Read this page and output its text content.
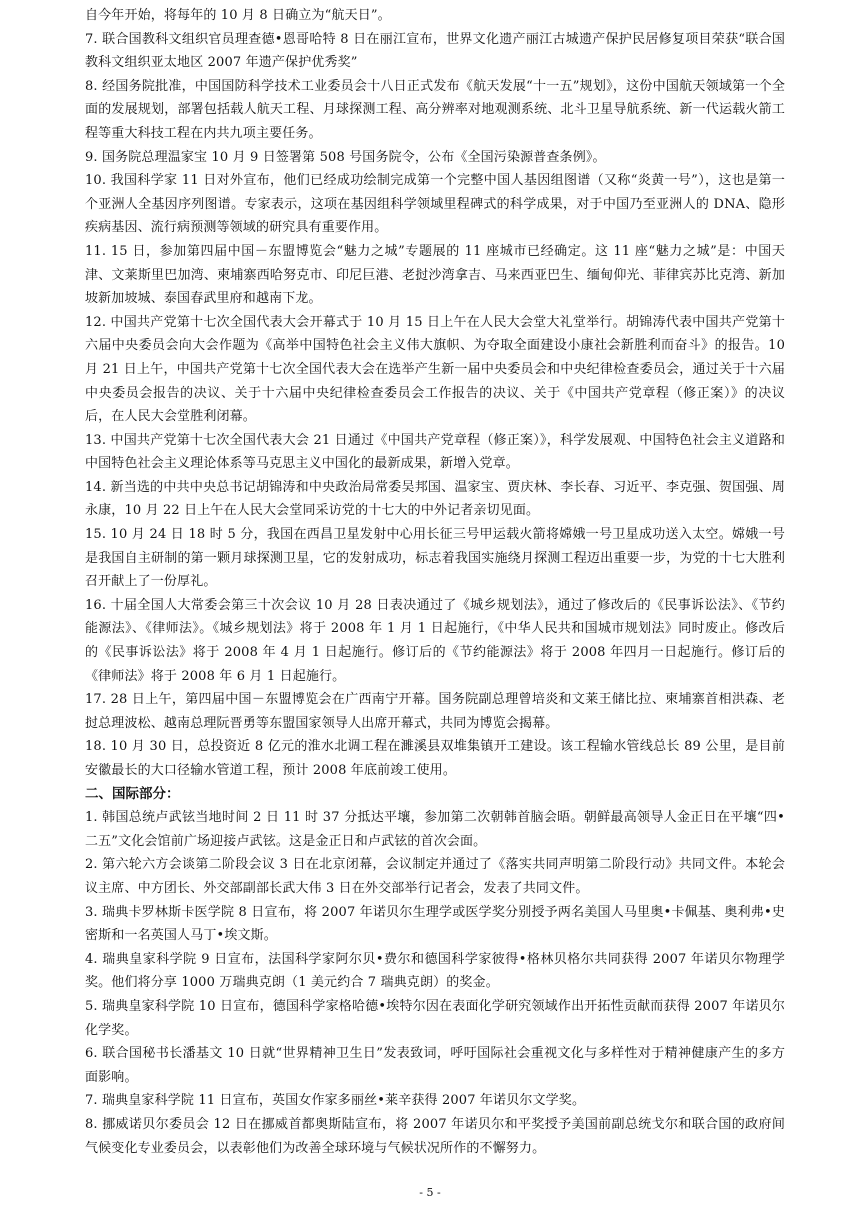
自今年开始，将每年的 10 月 8 日确立为“航天日”。

7. 联合国教科文组织官员理查德•恩哥哈特 8 日在丽江宣布，世界文化遗产丽江古城遗产保护民居修复项目荣获“联合国教科文组织亚太地区 2007 年遗产保护优秀奖”

8. 经国务院批准，中国国防科学技术工业委员会十八日正式发布《航天发展“十一五”规划》，这份中国航天领域第一个全面的发展规划，部署包括载人航天工程、月球探测工程、高分辨率对地观测系统、北斗卫星导航系统、新一代运载火箭工程等重大科技工程在内共九项主要任务。

9. 国务院总理温家宝 10 月 9 日签署第 508 号国务院令，公布《全国污染源普查条例》。

10. 我国科学家 11 日对外宣布，他们已经成功绘制完成第一个完整中国人基因组图谱（又称“炎黄一号”），这也是第一个亚洲人全基因序列图谱。专家表示，这项在基因组科学领域里程碑式的科学成果，对于中国乃至亚洲人的 DNA、隐形疾病基因、流行病预测等领域的研究具有重要作用。

11. 15 日，参加第四届中国－东盟博览会“魅力之城”专题展的 11 座城市已经确定。这 11 座“魅力之城”是：中国天津、文莱斯里巴加湾、柬埔寨西哈努克市、印尼巨港、老挝沙湾拿吉、马来西亚巴生、缅甸仰光、菲律宾苏比克湾、新加坡新加坡城、泰国春武里府和越南下龙。

12. 中国共产党第十七次全国代表大会开幕式于 10 月 15 日上午在人民大会堂大礼堂举行。胡锦涛代表中国共产党第十六届中央委员会向大会作题为《高举中国特色社会主义伟大旗帜、为夺取全面建设小康社会新胜利而奋斗》的报告。10 月 21 日上午，中国共产党第十七次全国代表大会在选举产生新一届中央委员会和中央纪律检查委员会，通过关于十六届中央委员会报告的决议、关于十六届中央纪律检查委员会工作报告的决议、关于《中国共产党章程（修正案）》的决议后，在人民大会堂胜利闭幕。

13. 中国共产党第十七次全国代表大会 21 日通过《中国共产党章程（修正案）》，科学发展观、中国特色社会主义道路和中国特色社会主义理论体系等马克思主义中国化的最新成果，新增入党章。

14. 新当选的中共中央总书记胡锦涛和中央政治局常委吴邦国、温家宝、贾庆林、李长春、习近平、李克强、贺国强、周永康，10 月 22 日上午在人民大会堂同采访党的十七大的中外记者亲切见面。

15. 10 月 24 日 18 时 5 分，我国在西昌卫星发射中心用长征三号甲运载火箭将嫦娥一号卫星成功送入太空。嫦娥一号是我国自主研制的第一颗月球探测卫星，它的发射成功，标志着我国实施绕月探测工程迈出重要一步，为党的十七大胜利召开献上了一份厚礼。

16. 十届全国人大常委会第三十次会议 10 月 28 日表决通过了《城乡规划法》，通过了修改后的《民事诉讼法》、《节约能源法》、《律师法》。《城乡规划法》将于 2008 年 1 月 1 日起施行，《中华人民共和国城市规划法》同时废止。修改后的《民事诉讼法》将于 2008 年 4 月 1 日起施行。修订后的《节约能源法》将于 2008 年四月一日起施行。修订后的《律师法》将于 2008 年 6 月 1 日起施行。

17. 28 日上午，第四届中国－东盟博览会在广西南宁开幕。国务院副总理曾培炎和文莱王储比拉、柬埔寨首相洪森、老挝总理波松、越南总理阮晋勇等东盟国家领导人出席开幕式，共同为博览会揭幕。

18. 10 月 30 日，总投资近 8 亿元的淮水北调工程在濉溪县双堆集镇开工建设。该工程输水管线总长 89 公里，是目前安徽最长的大口径输水管道工程，预计 2008 年底前竣工使用。

二、国际部分：

1. 韩国总统卢武铉当地时间 2 日 11 时 37 分抵达平壤，参加第二次朝韩首脑会晤。朝鲜最高领导人金正日在平壤“四•二五”文化会馆前广场迎接卢武铉。这是金正日和卢武铉的首次会面。

2. 第六轮六方会谈第二阶段会议 3 日在北京闭幕，会议制定并通过了《落实共同声明第二阶段行动》共同文件。本轮会议主席、中方团长、外交部副部长武大伟 3 日在外交部举行记者会，发表了共同文件。

3. 瑞典卡罗林斯卡医学院 8 日宣布，将 2007 年诺贝尔生理学或医学奖分别授予两名美国人马里奥•卡佩基、奥利弗•史密斯和一名英国人马丁•埃文斯。

4. 瑞典皇家科学院 9 日宣布，法国科学家阿尔贝•费尔和德国科学家彼得•格林贝格尔共同获得 2007 年诺贝尔物理学奖。他们将分享 1000 万瑞典克朗（1 美元约合 7 瑞典克朗）的奖金。

5. 瑞典皇家科学院 10 日宣布，德国科学家格哈德•埃特尔因在表面化学研究领域作出开拓性贡献而获得 2007 年诺贝尔化学奖。

6. 联合国秘书长潘基文 10 日就“世界精神卫生日”发表致词，呼吁国际社会重视文化与多样性对于精神健康产生的多方面影响。

7. 瑞典皇家科学院 11 日宣布，英国女作家多丽丝•莱辛获得 2007 年诺贝尔文学奖。

8. 挪威诺贝尔委员会 12 日在挪威首都奥斯陆宣布，将 2007 年诺贝尔和平奖授予美国前副总统戈尔和联合国的政府间气候变化专业委员会，以表彰他们为改善全球环境与气候状况所作的不懈努力。

- 5 -
